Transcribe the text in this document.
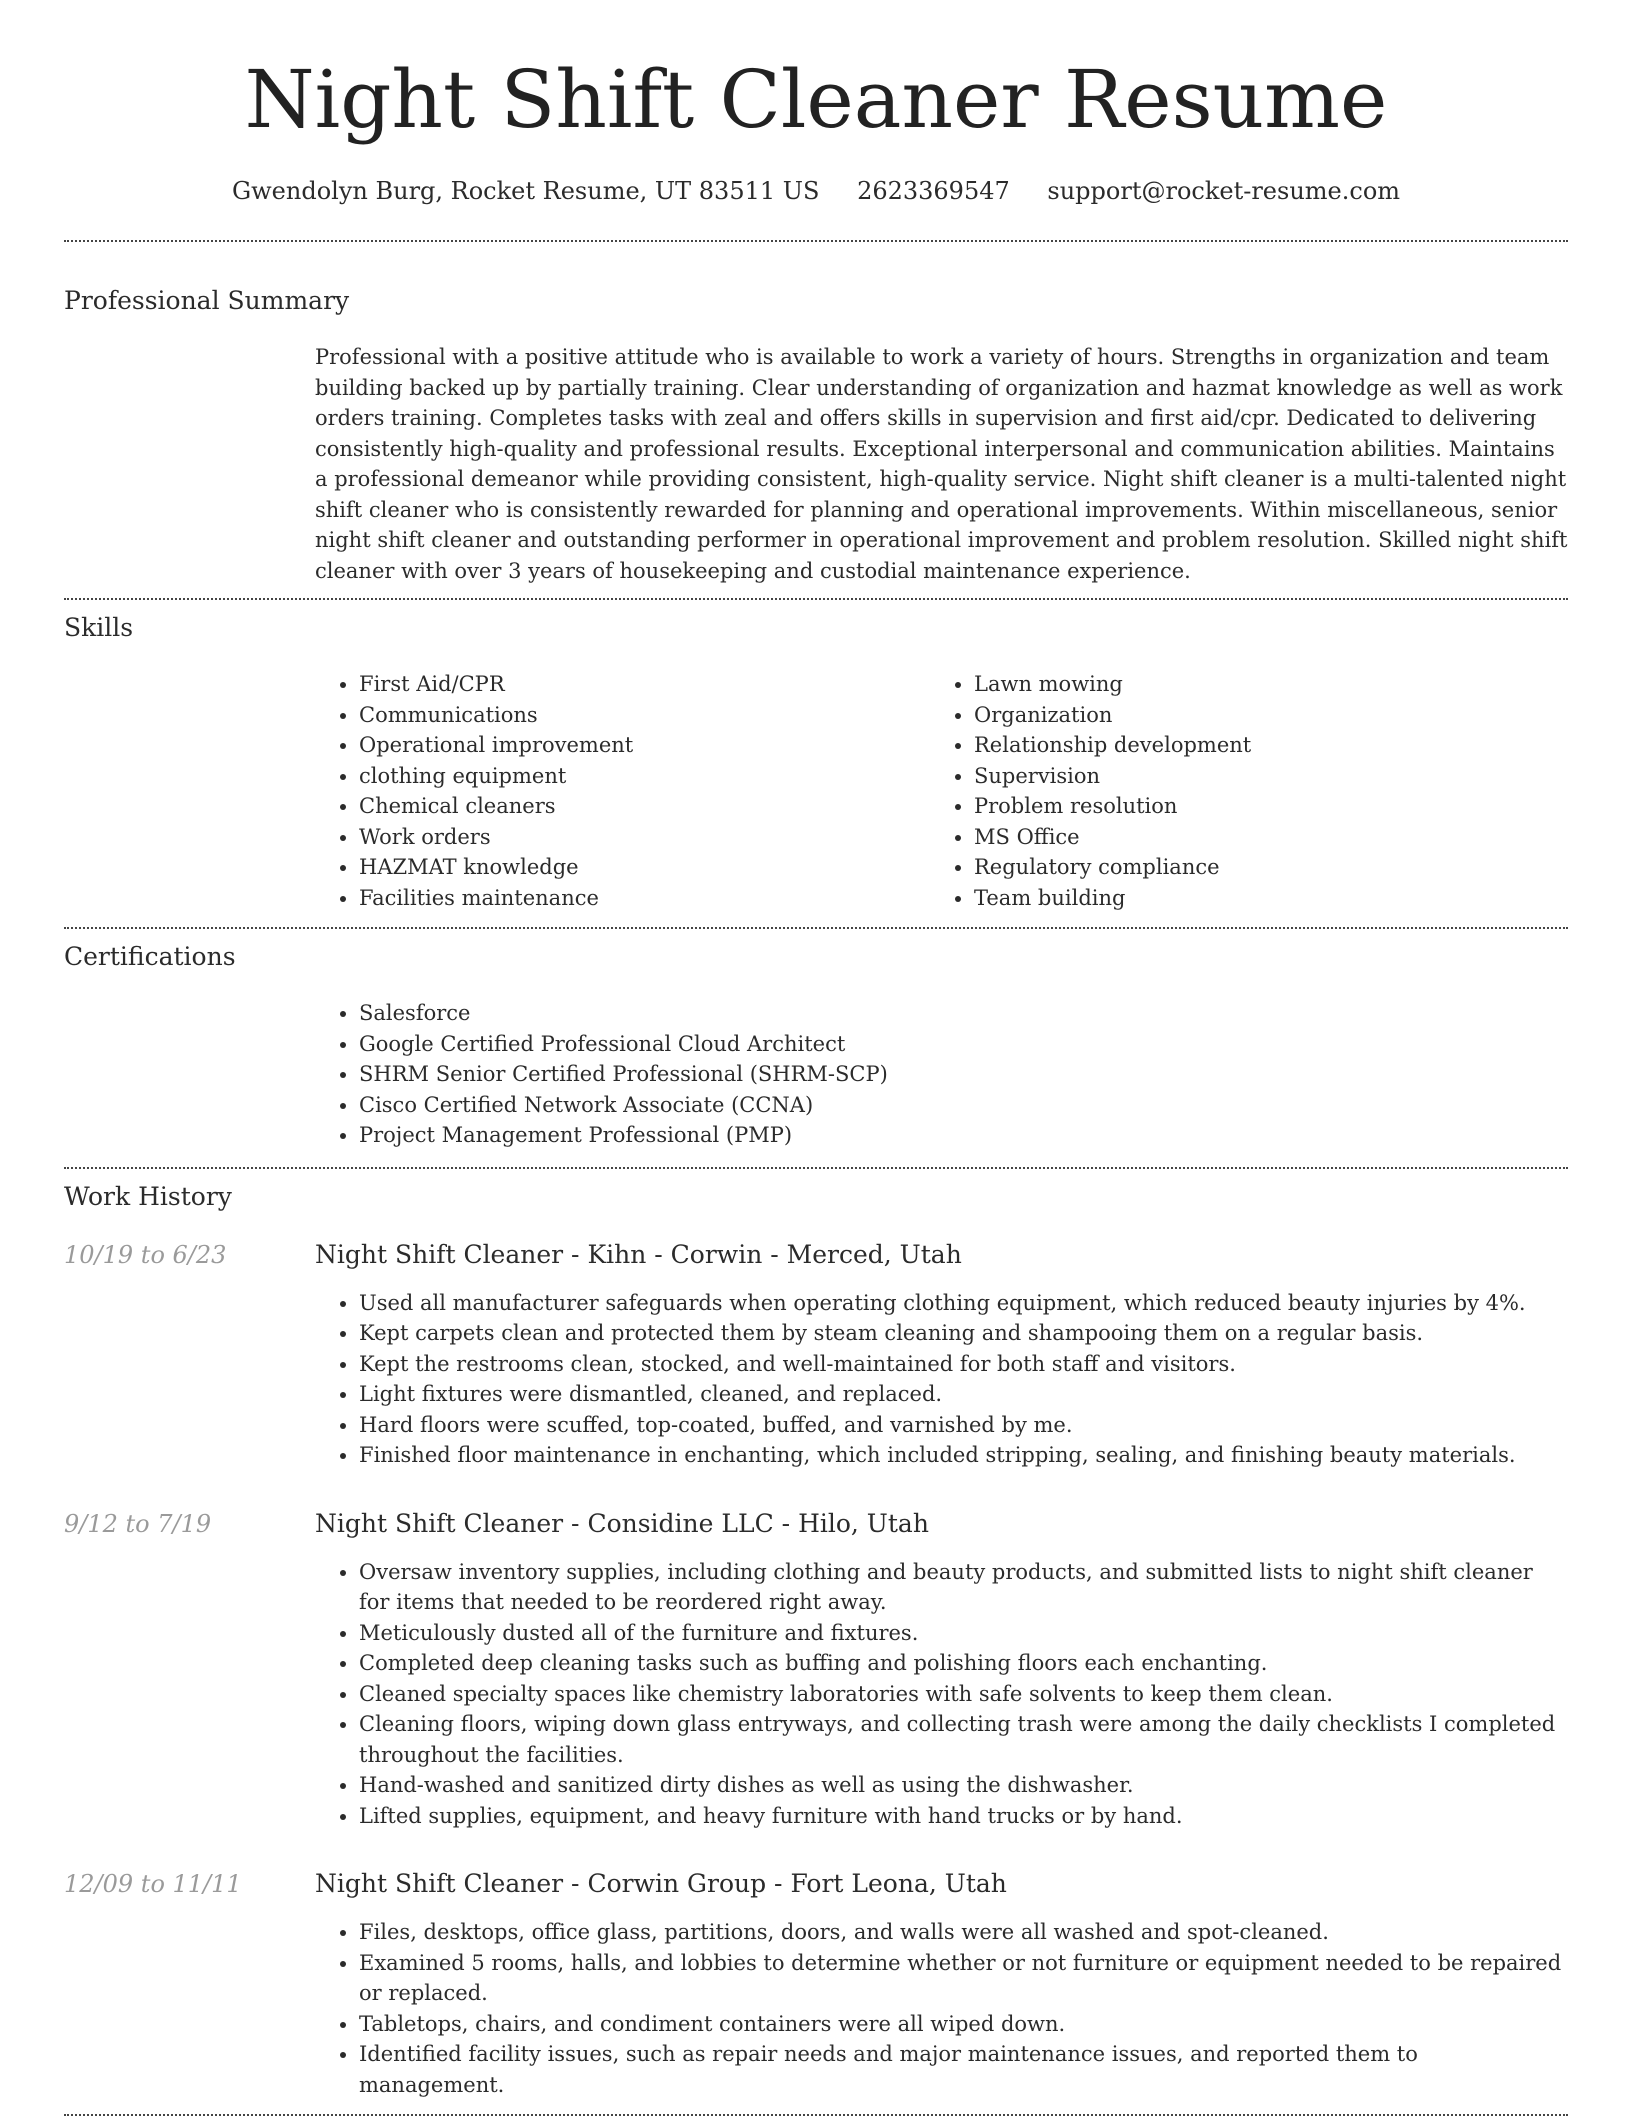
Night Shift Cleaner Resume
Gwendolyn Burg, Rocket Resume, UT 83511 US 2623369547 support@rocket-resume.com
Professional Summary

Professional with a positive attitude who is available to work a variety of hours. Strengths in organization and team building backed up by partially training. Clear understanding of organization and hazmat knowledge as well as work orders training. Completes tasks with zeal and offers skills in supervision and first aid/cpr. Dedicated to delivering consistently high-quality and professional results. Exceptional interpersonal and communication abilities. Maintains a professional demeanor while providing consistent, high-quality service. Night shift cleaner is a multi-talented night shift cleaner who is consistently rewarded for planning and operational improvements. Within miscellaneous, senior night shift cleaner and outstanding performer in operational improvement and problem resolution. Skilled night shift cleaner with over 3 years of housekeeping and custodial maintenance experience.

Skills
• First Aid/CPR
• Communications
• Operational improvement
• clothing equipment
• Chemical cleaners
• Work orders
• HAZMAT knowledge
• Facilities maintenance
• Lawn mowing
• Organization
• Relationship development
• Supervision
• Problem resolution
• MS Office
• Regulatory compliance
• Team building
Certifications
• Salesforce
• Google Certified Professional Cloud Architect
• SHRM Senior Certified Professional (SHRM-SCP)
• Cisco Certified Network Associate (CCNA)
• Project Management Professional (PMP)
Work History
10/19 to 6/23	Night Shift Cleaner - Kihn - Corwin - Merced, Utah
• Used all manufacturer safeguards when operating clothing equipment, which reduced beauty injuries by 4%.
• Kept carpets clean and protected them by steam cleaning and shampooing them on a regular basis.
• Kept the restrooms clean, stocked, and well-maintained for both staff and visitors.
• Light fixtures were dismantled, cleaned, and replaced.
• Hard floors were scuffed, top-coated, buffed, and varnished by me.
• Finished floor maintenance in enchanting, which included stripping, sealing, and finishing beauty materials.
9/12 to 7/19	Night Shift Cleaner - Considine LLC - Hilo, Utah
• Oversaw inventory supplies, including clothing and beauty products, and submitted lists to night shift cleaner for items that needed to be reordered right away.
• Meticulously dusted all of the furniture and fixtures.
• Completed deep cleaning tasks such as buffing and polishing floors each enchanting.
• Cleaned specialty spaces like chemistry laboratories with safe solvents to keep them clean.
• Cleaning floors, wiping down glass entryways, and collecting trash were among the daily checklists I completed throughout the facilities.
• Hand-washed and sanitized dirty dishes as well as using the dishwasher.
• Lifted supplies, equipment, and heavy furniture with hand trucks or by hand.
12/09 to 11/11	Night Shift Cleaner - Corwin Group - Fort Leona, Utah
• Files, desktops, office glass, partitions, doors, and walls were all washed and spot-cleaned.
• Examined 5 rooms, halls, and lobbies to determine whether or not furniture or equipment needed to be repaired or replaced.
• Tabletops, chairs, and condiment containers were all wiped down.
• Identified facility issues, such as repair needs and major maintenance issues, and reported them to management.
